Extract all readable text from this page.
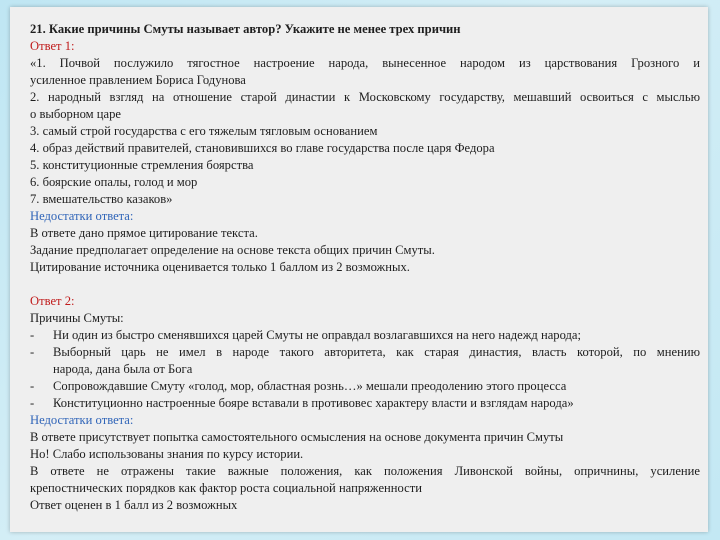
21. Какие причины Смуты называет автор? Укажите не менее трех причин
Ответ 1:
«1. Почвой послужило тягостное настроение народа, вынесенное народом из царствования Грозного и
усиленное правлением Бориса Годунова
2. народный взгляд на отношение старой династии к Московскому государству, мешавший освоиться с мыслью
о выборном царе
3. самый строй государства с его тяжелым тягловым основанием
4. образ действий правителей, становившихся во главе государства после царя Федора
5. конституционные стремления боярства
6. боярские опалы, голод и мор
7. вмешательство казаков»
Недостатки ответа:
В ответе дано прямое цитирование текста.
Задание предполагает определение на основе текста общих причин Смуты.
Цитирование источника оценивается только 1 баллом из 2 возможных.
Ответ 2:
Причины Смуты:
- Ни один из быстро сменявшихся царей Смуты не оправдал возлагавшихся на него надежд народа;
- Выборный царь не имел в народе такого авторитета, как старая династия, власть которой, по мнению
народа, дана была от Бога
- Сопровождавшие Смуту «голод, мор, областная рознь…» мешали преодолению этого процесса
- Конституционно настроенные бояре вставали в противовес характеру власти и взглядам народа»
Недостатки ответа:
В ответе присутствует попытка самостоятельного осмысления на основе документа причин Смуты
Но! Слабо использованы знания по курсу истории.
В ответе не отражены такие важные положения, как положения Ливонской войны, опричнины, усиление
крепостнических порядков как фактор роста социальной напряженности
Ответ оценен в 1 балл из 2 возможных
